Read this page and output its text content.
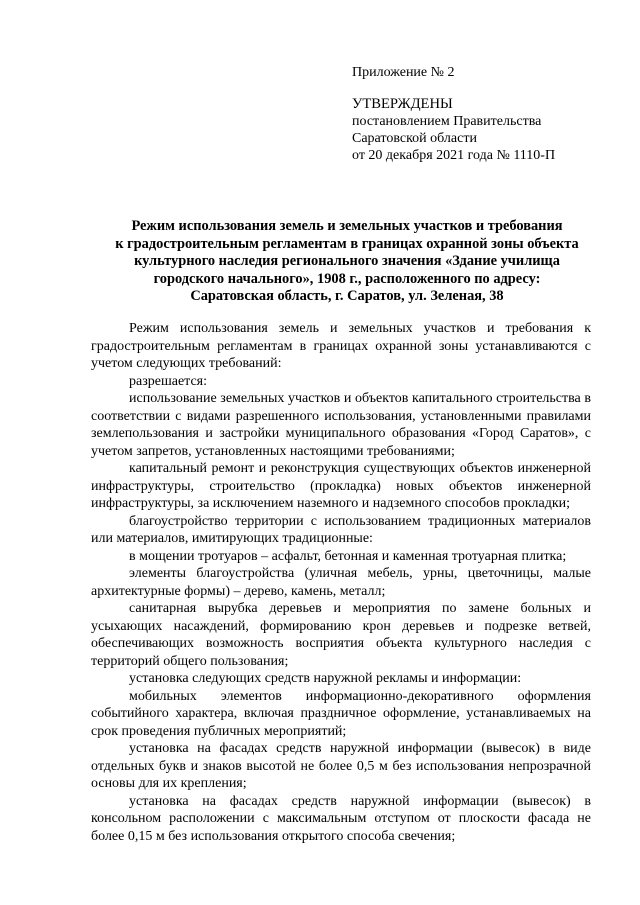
Приложение № 2
УТВЕРЖДЕНЫ
постановлением Правительства
Саратовской области
от 20 декабря 2021 года № 1110-П
Режим использования земель и земельных участков и требования
к градостроительным регламентам в границах охранной зоны объекта
культурного наследия регионального значения «Здание училища
городского начального», 1908 г., расположенного по адресу:
Саратовская область, г. Саратов, ул. Зеленая, 38

Режим использования земель и земельных участков и требования к градостроительным регламентам в границах охранной зоны устанавливаются с учетом следующих требований:

разрешается:

использование земельных участков и объектов капитального строительства в соответствии с видами разрешенного использования, установленными правилами землепользования и застройки муниципального образования «Город Саратов», с учетом запретов, установленных настоящими требованиями;

капитальный ремонт и реконструкция существующих объектов инженерной инфраструктуры, строительство (прокладка) новых объектов инженерной инфраструктуры, за исключением наземного и надземного способов прокладки;

благоустройство территории с использованием традиционных материалов или материалов, имитирующих традиционные:

в мощении тротуаров – асфальт, бетонная и каменная тротуарная плитка;

элементы благоустройства (уличная мебель, урны, цветочницы, малые архитектурные формы) – дерево, камень, металл;

санитарная вырубка деревьев и мероприятия по замене больных и усыхающих насаждений, формированию крон деревьев и подрезке ветвей, обеспечивающих возможность восприятия объекта культурного наследия с территорий общего пользования;

установка следующих средств наружной рекламы и информации:

мобильных элементов информационно-декоративного оформления событийного характера, включая праздничное оформление, устанавливаемых на срок проведения публичных мероприятий;

установка на фасадах средств наружной информации (вывесок) в виде отдельных букв и знаков высотой не более 0,5 м без использования непрозрачной основы для их крепления;

установка на фасадах средств наружной информации (вывесок) в консольном расположении с максимальным отступом от плоскости фасада не более 0,15 м без использования открытого способа свечения;
